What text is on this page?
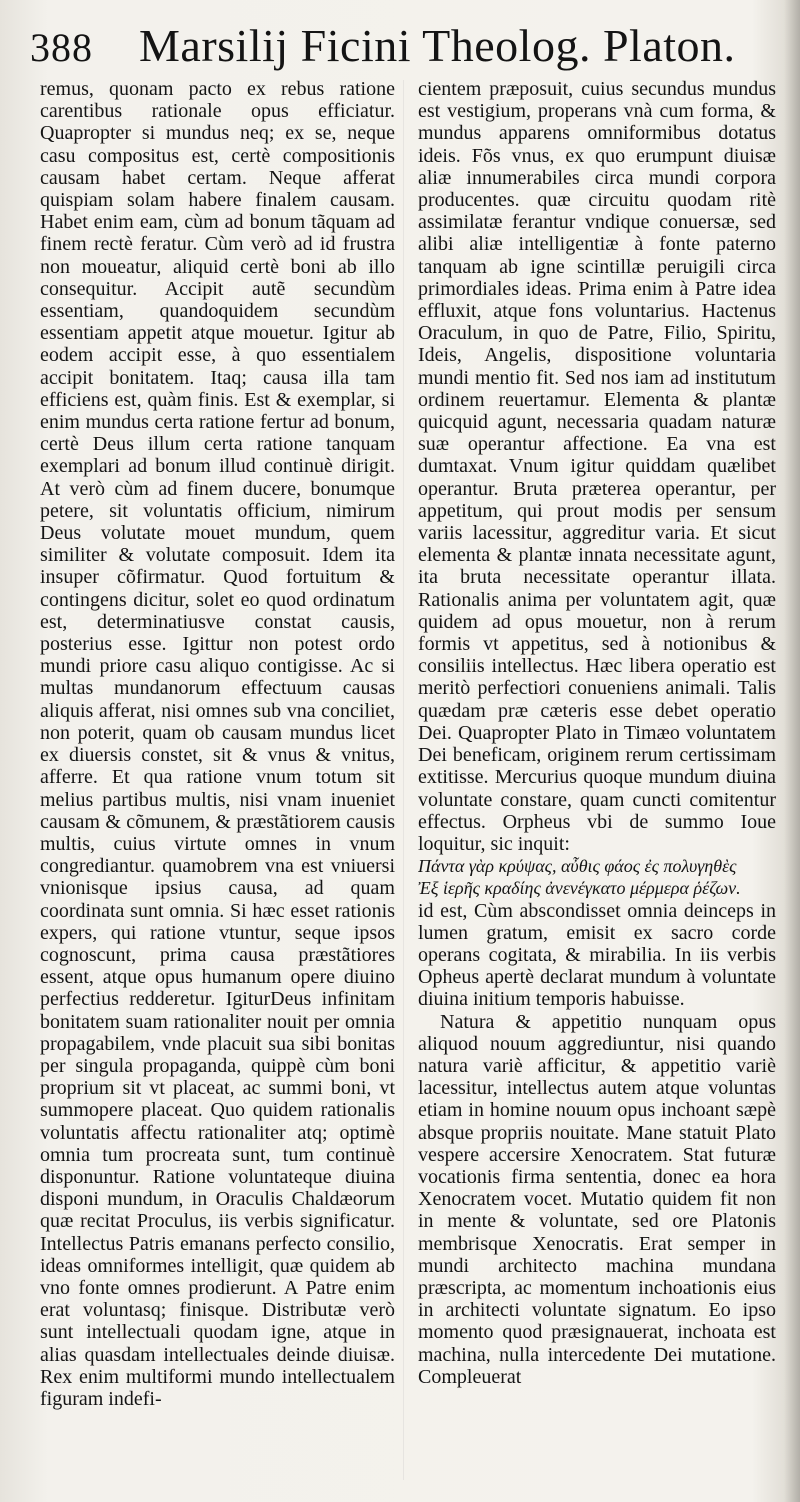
388 Marsilij Ficini Theolog. Platon.

remus, quonam pacto ex rebus ratione carentibus rationale opus efficiatur. Quapropter si mundus neq; ex se, neque casu compositus est, certè compositionis causam habet certam. Neque afferat quispiam solam habere finalem causam. Habet enim eam, cùm ad bonum tãquam ad finem rectè feratur. Cùm verò ad id frustra non moueatur, aliquid certè boni ab illo consequitur. Accipit autẽ secundùm essentiam, quandoquidem secundùm essentiam appetit atque mouetur. Igitur ab eodem accipit esse, à quo essentialem accipit bonitatem. Itaq; causa illa tam efficiens est, quàm finis. Est & exemplar, si enim mundus certa ratione fertur ad bonum, certè Deus illum certa ratione tanquam exemplari ad bonum illud continuè dirigit. At verò cùm ad finem ducere, bonumque petere, sit voluntatis officium, nimirum Deus volutate mouet mundum, quem similiter & volutate composuit. Idem ita insuper cõfirmatur. Quod fortuitum & contingens dicitur, solet eo quod ordinatum est, determinatiusve constat causis, posterius esse. Igittur non potest ordo mundi priore casu aliquo contigisse. Ac si multas mundanorum effectuum causas aliquis afferat, nisi omnes sub vna conciliet, non poterit, quam ob causam mundus licet ex diuersis constet, sit & vnus & vnitus, afferre. Et qua ratione vnum totum sit melius partibus multis, nisi vnam inueniet causam & cõmunem, & præstãtiorem causis multis, cuius virtute omnes in vnum congrediantur. quamobrem vna est vniuersi vnionisque ipsius causa, ad quam coordinata sunt omnia. Si hæc esset rationis expers, qui ratione vtuntur, seque ipsos cognoscunt, prima causa præstãtiores essent, atque opus humanum opere diuino perfectius redderetur. IgiturDeus infinitam bonitatem suam rationaliter nouit per omnia propagabilem, vnde placuit sua sibi bonitas per singula propaganda, quippè cùm boni proprium sit vt placeat, ac summi boni, vt summopere placeat. Quo quidem rationalis voluntatis affectu rationaliter atq; optimè omnia tum procreata sunt, tum continuè disponuntur. Ratione voluntateque diuina disponi mundum, in Oraculis Chaldæorum quæ recitat Proculus, iis verbis significatur. Intellectus Patris emanans perfecto consilio, ideas omniformes intelligit, quæ quidem ab vno fonte omnes prodierunt. A Patre enim erat voluntasq; finisque. Distributæ verò sunt intellectuali quodam igne, atque in alias quasdam intellectuales deinde diuisæ. Rex enim multiformi mundo intellectualem figuram indefi-

cientem præposuit, cuius secundus mundus est vestigium, properans vnà cum forma, & mundus apparens omniformibus dotatus ideis. Fõs vnus, ex quo erumpunt diuisæ aliæ innumerabiles circa mundi corpora producentes. quæ circuitu quodam ritè assimilatæ ferantur vndique conuersæ, sed alibi aliæ intelligentiæ à fonte paterno tanquam ab igne scintillæ peruigili circa primordiales ideas. Prima enim à Patre idea effluxit, atque fons voluntarius. Hactenus Oraculum, in quo de Patre, Filio, Spiritu, Ideis, Angelis, dispositione voluntaria mundi mentio fit. Sed nos iam ad institutum ordinem reuertamur. Elementa & plantæ quicquid agunt, necessaria quadam naturæ suæ operantur affectione. Ea vna est dumtaxat. Vnum igitur quiddam quælibet operantur. Bruta præterea operantur, per appetitum, qui prout modis per sensum variis lacessitur, aggreditur varia. Et sicut elementa & plantæ innata necessitate agunt, ita bruta necessitate operantur illata. Rationalis anima per voluntatem agit, quæ quidem ad opus mouetur, non à rerum formis vt appetitus, sed à notionibus & consiliis intellectus. Hæc libera operatio est meritò perfectiori conueniens animali. Talis quædam præ cæteris esse debet operatio Dei. Quapropter Plato in Timæo voluntatem Dei beneficam, originem rerum certissimam extitisse. Mercurius quoque mundum diuina voluntate constare, quam cuncti comitentur effectus. Orpheus vbi de summo Ioue loquitur, sic inquit:

Πάντα γὰρ κρύψας, αὖθις φάος ἐς πολυγηθὲς

Ἐξ ἱερῆς κραδίης ἀνενέγκατο μέρμερα ῥέζων.

id est, Cùm abscondisset omnia deinceps in lumen gratum, emisit ex sacro corde operans cogitata, & mirabilia. In iis verbis Opheus apertè declarat mundum à voluntate diuina initium temporis habuisse.

Natura & appetitio nunquam opus aliquod nouum aggrediuntur, nisi quando natura variè afficitur, & appetitio variè lacessitur, intellectus autem atque voluntas etiam in homine nouum opus inchoant sæpè absque propriis nouitate. Mane statuit Plato vespere accersire Xenocratem. Stat futuræ vocationis firma sententia, donec ea hora Xenocratem vocet. Mutatio quidem fit non in mente & voluntate, sed ore Platonis membrisque Xenocratis. Erat semper in mundi architecto machina mundana præscripta, ac momentum inchoationis eius in architecti voluntate signatum. Eo ipso momento quod præsignauerat, inchoata est machina, nulla intercedente Dei mutatione. Compleuerat
